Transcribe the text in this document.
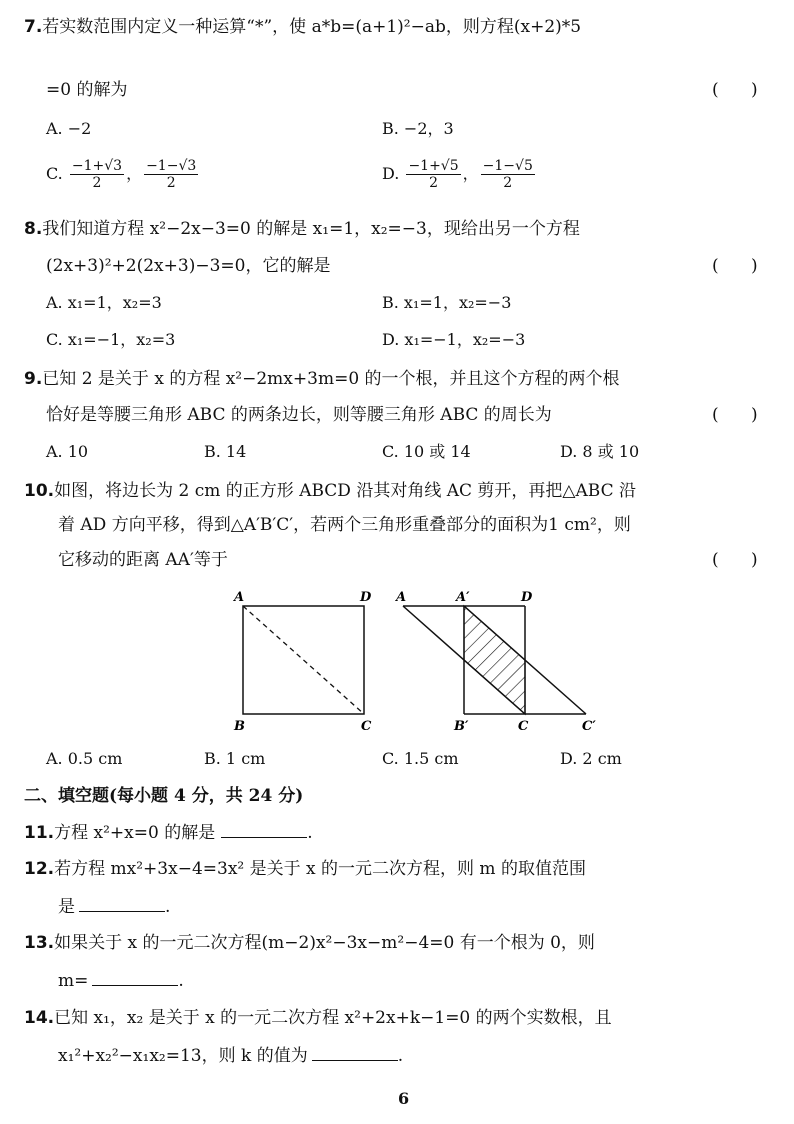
7.若实数范围内定义一种运算“*”，使 a*b=(a+1)²−ab，则方程(x+2)*5
=0 的解为	(      )
A. −2	B. −2，3
C. $\frac{-1+√3}{2}$ ， $\frac{-1-√3}{2}$	D. $\frac{-1+√5}{2}$ ， $\frac{-1-√5}{2}$
8.我们知道方程 x²−2x−3=0 的解是 x₁=1，x₂=−3，现给出另一个方程
(2x+3)²+2(2x+3)−3=0，它的解是	(      )
A. x₁=1，x₂=3	B. x₁=1，x₂=−3
C. x₁=−1，x₂=3	D. x₁=−1，x₂=−3
9.已知 2 是关于 x 的方程 x²−2mx+3m=0 的一个根，并且这个方程的两个根
恰好是等腰三角形 ABC 的两条边长，则等腰三角形 ABC 的周长为	(      )
A. 10	B. 14	C. 10 或 14	D. 8 或 10
10.如图，将边长为 2 cm 的正方形 ABCD 沿其对角线 AC 剪开，再把△ABC 沿
着 AD 方向平移，得到△A′B′C′，若两个三角形重叠部分的面积为1 cm²，则
它移动的距离 AA′等于	(      )
A	D
B	C
A	A′	D
B′	C	C′
A. 0.5 cm	B. 1 cm	C. 1.5 cm	D. 2 cm
二、填空题(每小题 4 分，共 24 分)
11.方程 x²+x=0 的解是	.
12.若方程 mx²+3x−4=3x² 是关于 x 的一元二次方程，则 m 的取值范围
是	.
13.如果关于 x 的一元二次方程(m−2)x²−3x−m²−4=0 有一个根为 0，则
m=	.
14.已知 x₁，x₂ 是关于 x 的一元二次方程 x²+2x+k−1=0 的两个实数根，且
x₁²+x₂²−x₁x₂=13，则 k 的值为	.
6
